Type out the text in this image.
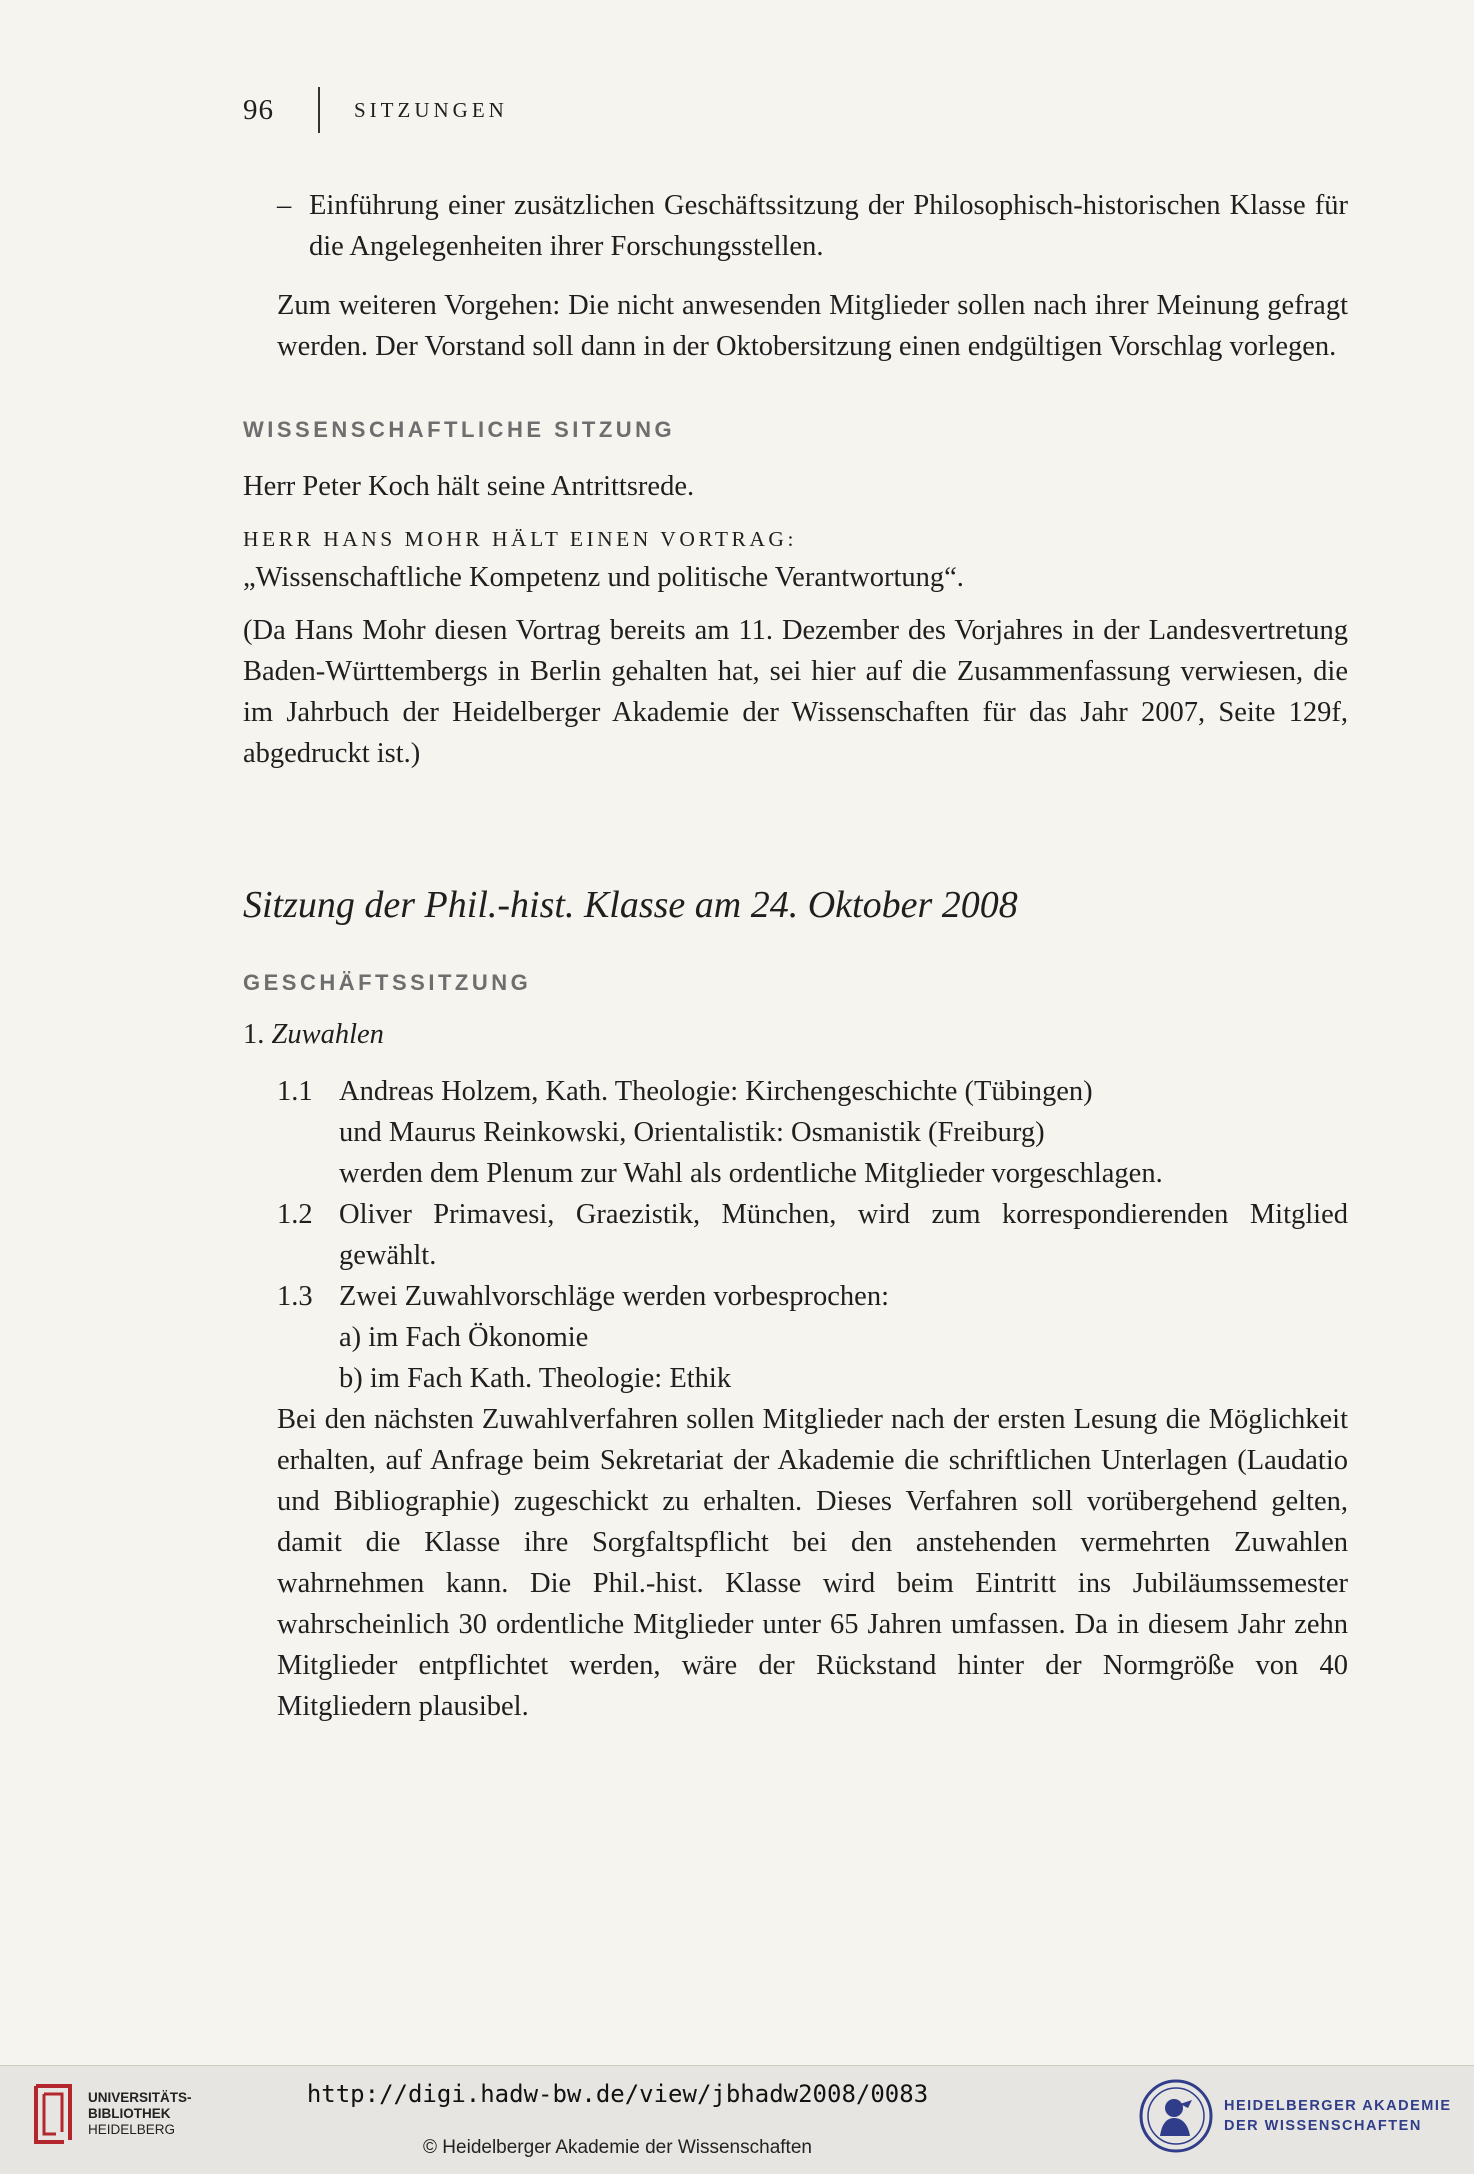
96	SITZUNGEN

– Einführung einer zusätzlichen Geschäftssitzung der Philosophisch-historischen Klasse für die Angelegenheiten ihrer Forschungsstellen.

Zum weiteren Vorgehen: Die nicht anwesenden Mitglieder sollen nach ihrer Meinung gefragt werden. Der Vorstand soll dann in der Oktobersitzung einen endgültigen Vorschlag vorlegen.

WISSENSCHAFTLICHE SITZUNG

Herr Peter Koch hält seine Antrittsrede.

HERR HANS MOHR HÄLT EINEN VORTRAG:

„Wissenschaftliche Kompetenz und politische Verantwortung“.

(Da Hans Mohr diesen Vortrag bereits am 11. Dezember des Vorjahres in der Landesvertretung Baden-Württembergs in Berlin gehalten hat, sei hier auf die Zusammenfassung verwiesen, die im Jahrbuch der Heidelberger Akademie der Wissenschaften für das Jahr 2007, Seite 129f, abgedruckt ist.)

Sitzung der Phil.-hist. Klasse am 24. Oktober 2008
GESCHÄFTSSITZUNG

1. Zuwahlen

1.1 Andreas Holzem, Kath. Theologie: Kirchengeschichte (Tübingen)

und Maurus Reinkowski, Orientalistik: Osmanistik (Freiburg)

werden dem Plenum zur Wahl als ordentliche Mitglieder vorgeschlagen.

1.2 Oliver Primavesi, Graezistik, München, wird zum korrespondierenden Mitglied gewählt.

1.3 Zwei Zuwahlvorschläge werden vorbesprochen:

a) im Fach Ökonomie

b) im Fach Kath. Theologie: Ethik

Bei den nächsten Zuwahlverfahren sollen Mitglieder nach der ersten Lesung die Möglichkeit erhalten, auf Anfrage beim Sekretariat der Akademie die schriftlichen Unterlagen (Laudatio und Bibliographie) zugeschickt zu erhalten. Dieses Verfahren soll vorübergehend gelten, damit die Klasse ihre Sorgfaltspflicht bei den anstehenden vermehrten Zuwahlen wahrnehmen kann. Die Phil.-hist. Klasse wird beim Eintritt ins Jubiläumssemester wahrscheinlich 30 ordentliche Mitglieder unter 65 Jahren umfassen. Da in diesem Jahr zehn Mitglieder entpflichtet werden, wäre der Rückstand hinter der Normgröße von 40 Mitgliedern plausibel.

UNIVERSITÄTS-
BIBLIOTHEK
HEIDELBERG
http://digi.hadw-bw.de/view/jbhadw2008/0083
© Heidelberger Akademie der Wissenschaften
HEIDELBERGER AKADEMIE
DER WISSENSCHAFTEN
